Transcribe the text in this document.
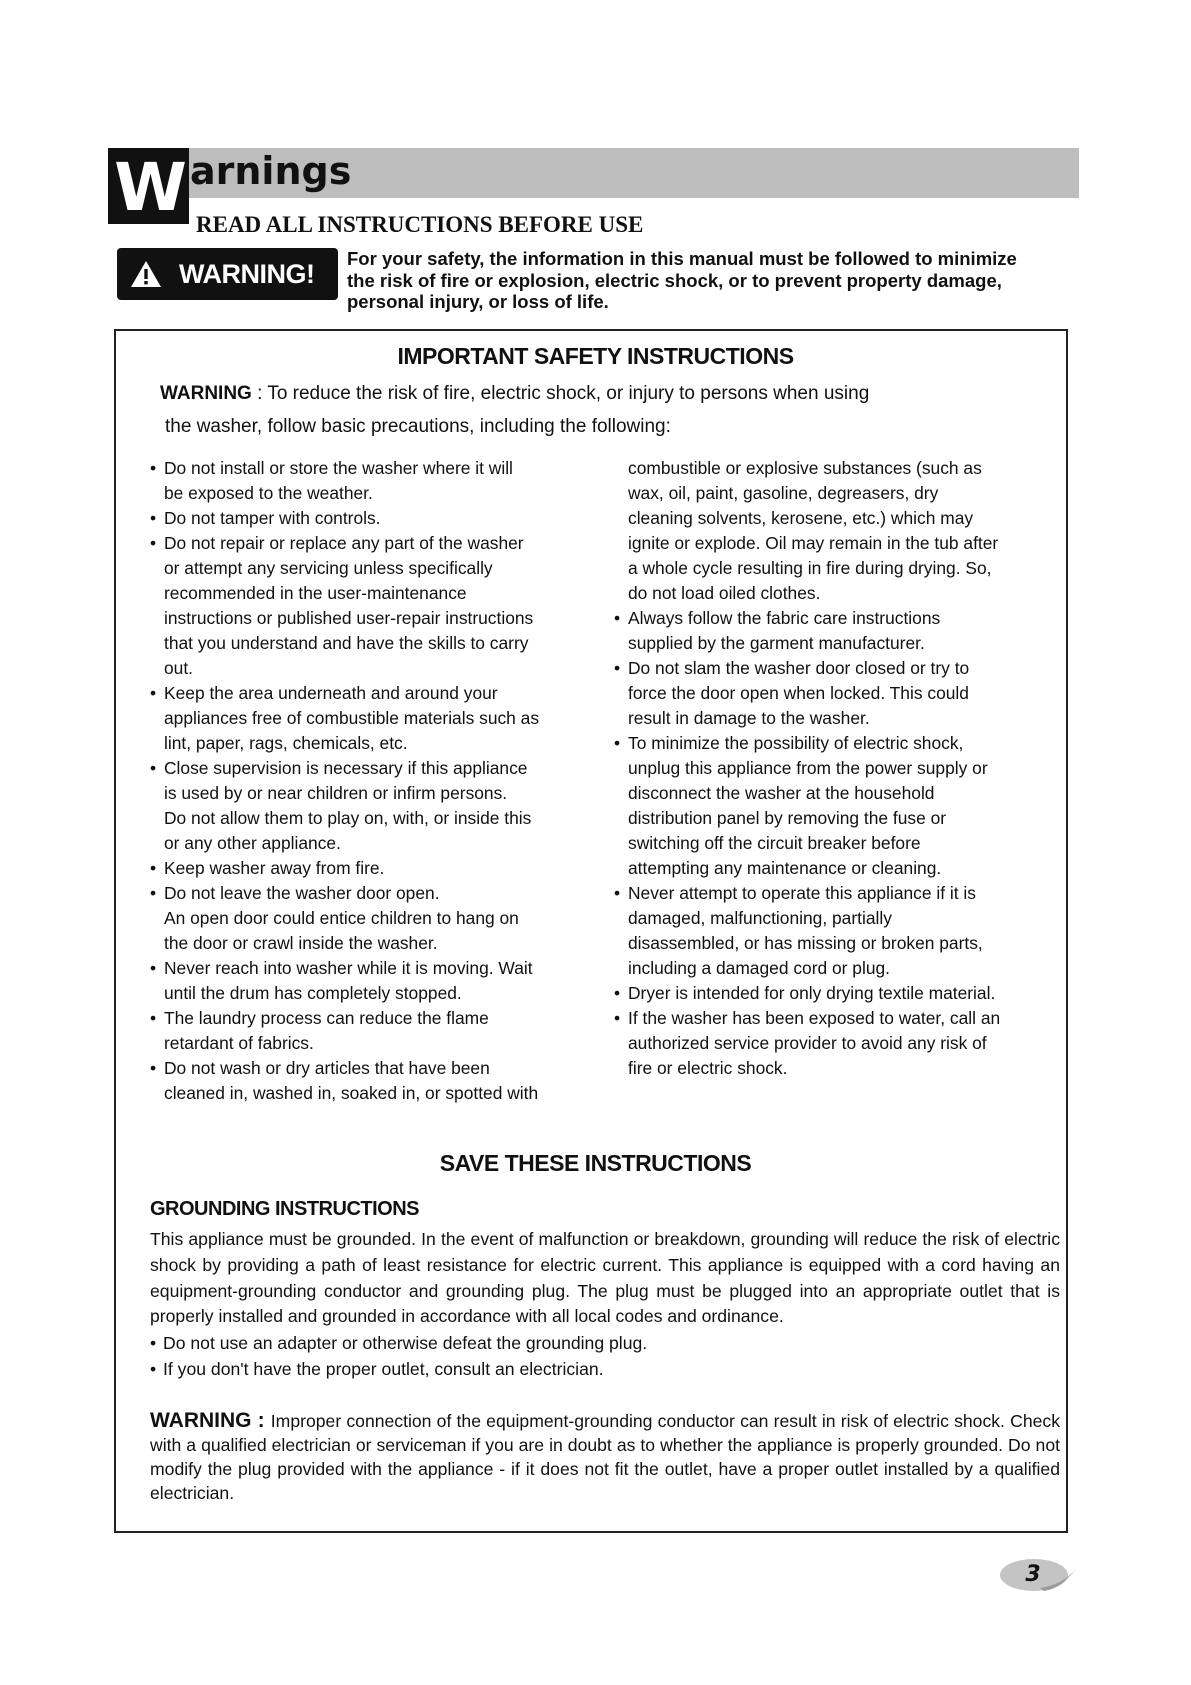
W arnings
READ ALL INSTRUCTIONS BEFORE USE
WARNING!
For your safety, the information in this manual must be followed to minimize
the risk of fire or explosion, electric shock, or to prevent property damage,
personal injury, or loss of life.
IMPORTANT SAFETY INSTRUCTIONS
WARNING : To reduce the risk of fire, electric shock, or injury to persons when using
the washer, follow basic precautions, including the following:
• Do not install or store the washer where it will
be exposed to the weather.
• Do not tamper with controls.
• Do not repair or replace any part of the washer
or attempt any servicing unless specifically
recommended in the user-maintenance
instructions or published user-repair instructions
that you understand and have the skills to carry
out.
• Keep the area underneath and around your
appliances free of combustible materials such as
lint, paper, rags, chemicals, etc.
• Close supervision is necessary if this appliance
is used by or near children or infirm persons.
Do not allow them to play on, with, or inside this
or any other appliance.
• Keep washer away from fire.
• Do not leave the washer door open.
An open door could entice children to hang on
the door or crawl inside the washer.
• Never reach into washer while it is moving. Wait
until the drum has completely stopped.
• The laundry process can reduce the flame
retardant of fabrics.
• Do not wash or dry articles that have been
cleaned in, washed in, soaked in, or spotted with
combustible or explosive substances (such as
wax, oil, paint, gasoline, degreasers, dry
cleaning solvents, kerosene, etc.) which may
ignite or explode. Oil may remain in the tub after
a whole cycle resulting in fire during drying. So,
do not load oiled clothes.
• Always follow the fabric care instructions
supplied by the garment manufacturer.
• Do not slam the washer door closed or try to
force the door open when locked. This could
result in damage to the washer.
• To minimize the possibility of electric shock,
unplug this appliance from the power supply or
disconnect the washer at the household
distribution panel by removing the fuse or
switching off the circuit breaker before
attempting any maintenance or cleaning.
• Never attempt to operate this appliance if it is
damaged, malfunctioning, partially
disassembled, or has missing or broken parts,
including a damaged cord or plug.
• Dryer is intended for only drying textile material.
• If the washer has been exposed to water, call an
authorized service provider to avoid any risk of
fire or electric shock.
SAVE THESE INSTRUCTIONS
GROUNDING INSTRUCTIONS

This appliance must be grounded. In the event of malfunction or breakdown, grounding will reduce the risk of electric shock by providing a path of least resistance for electric current. This appliance is equipped with a cord having an equipment-grounding conductor and grounding plug. The plug must be plugged into an appropriate outlet that is properly installed and grounded in accordance with all local codes and ordinance.

• Do not use an adapter or otherwise defeat the grounding plug.
• If you don't have the proper outlet, consult an electrician.

WARNING : Improper connection of the equipment-grounding conductor can result in risk of electric shock. Check with a qualified electrician or serviceman if you are in doubt as to whether the appliance is properly grounded. Do not modify the plug provided with the appliance - if it does not fit the outlet, have a proper outlet installed by a qualified electrician.

3
